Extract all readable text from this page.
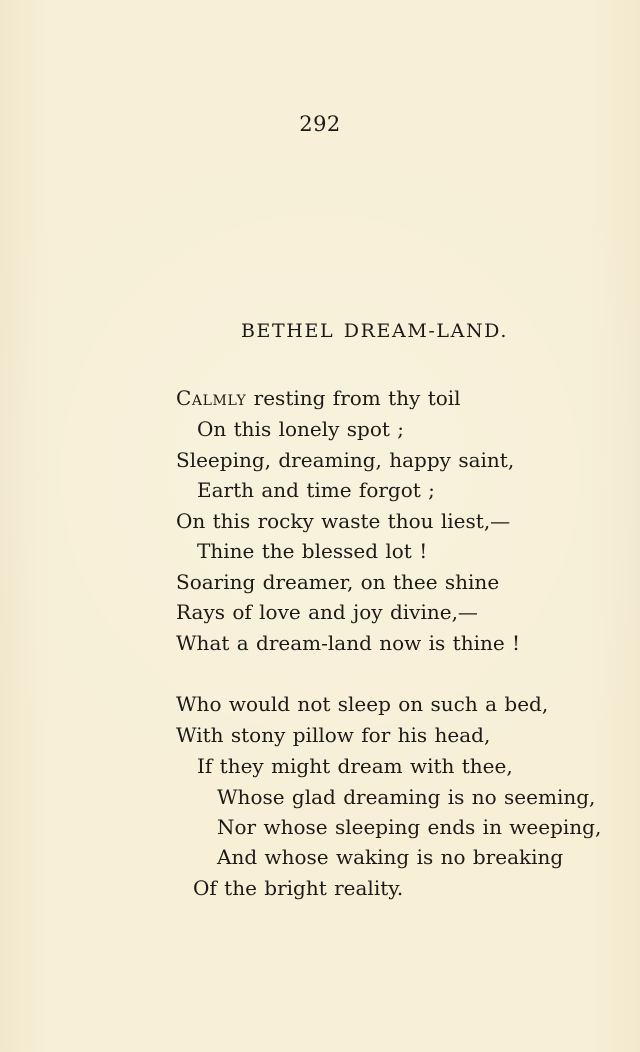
292
BETHEL DREAM-LAND.
Calmly resting from thy toil
On this lonely spot ;
Sleeping, dreaming, happy saint,
Earth and time forgot ;
On this rocky waste thou liest,—
Thine the blessed lot !
Soaring dreamer, on thee shine
Rays of love and joy divine,—
What a dream-land now is thine !
Who would not sleep on such a bed,
With stony pillow for his head,
If they might dream with thee,
Whose glad dreaming is no seeming,
Nor whose sleeping ends in weeping,
And whose waking is no breaking
Of the bright reality.
